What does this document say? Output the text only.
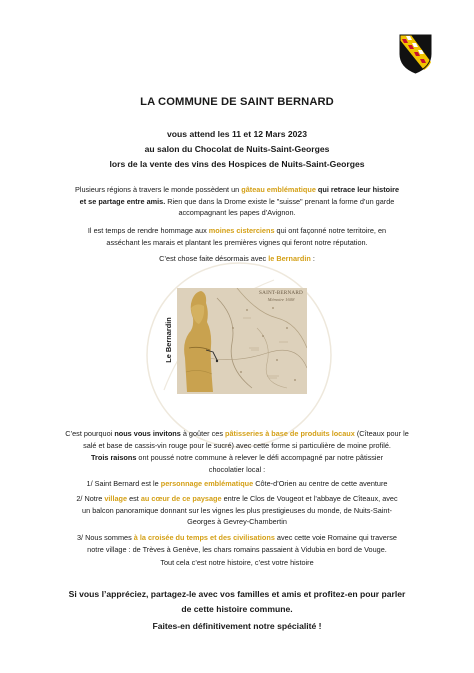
LA COMMUNE DE SAINT BERNARD
vous attend les 11 et 12 Mars 2023
au salon du Chocolat de Nuits-Saint-Georges
lors de la vente des vins des Hospices de Nuits-Saint-Georges
Plusieurs régions à travers le monde possèdent un gâteau emblématique qui retrace leur histoire
et se partage entre amis. Rien que dans la Drome existe le "suisse" prenant la forme d’un garde
accompagnant les papes d’Avignon.
Il est temps de rendre hommage aux moines cisterciens qui ont façonné notre territoire, en
asséchant les marais et plantant les premières vignes qui feront notre réputation.
C’est chose faite désormais avec le Bernardin :
Le Bernardin
SAINT-BERNARD
Mémoire 1608
C’est pourquoi nous vous invitons à goûter ces pâtisseries à base de produits locaux (Cîteaux pour le
salé et base de cassis-vin rouge pour le sucré) avec cette forme si particulière de moine profilé.
Trois raisons ont poussé notre commune à relever le défi accompagné par notre pâtissier
chocolatier local :
1/ Saint Bernard est le personnage emblématique Côte-d’Orien au centre de cette aventure
2/ Notre village est au cœur de ce paysage entre le Clos de Vougeot et l’abbaye de Cîteaux, avec
un balcon panoramique donnant sur les vignes les plus prestigieuses du monde, de Nuits-Saint-
Georges à Gevrey-Chambertin
3/ Nous sommes à la croisée du temps et des civilisations avec cette voie Romaine qui traverse
notre village : de Trèves à Genève, les chars romains passaient à Vidubia en bord de Vouge.
Tout cela c’est notre histoire, c’est votre histoire
Si vous l’appréciez, partagez-le avec vos familles et amis et profitez-en pour parler
de cette histoire commune.
Faites-en définitivement notre spécialité !
